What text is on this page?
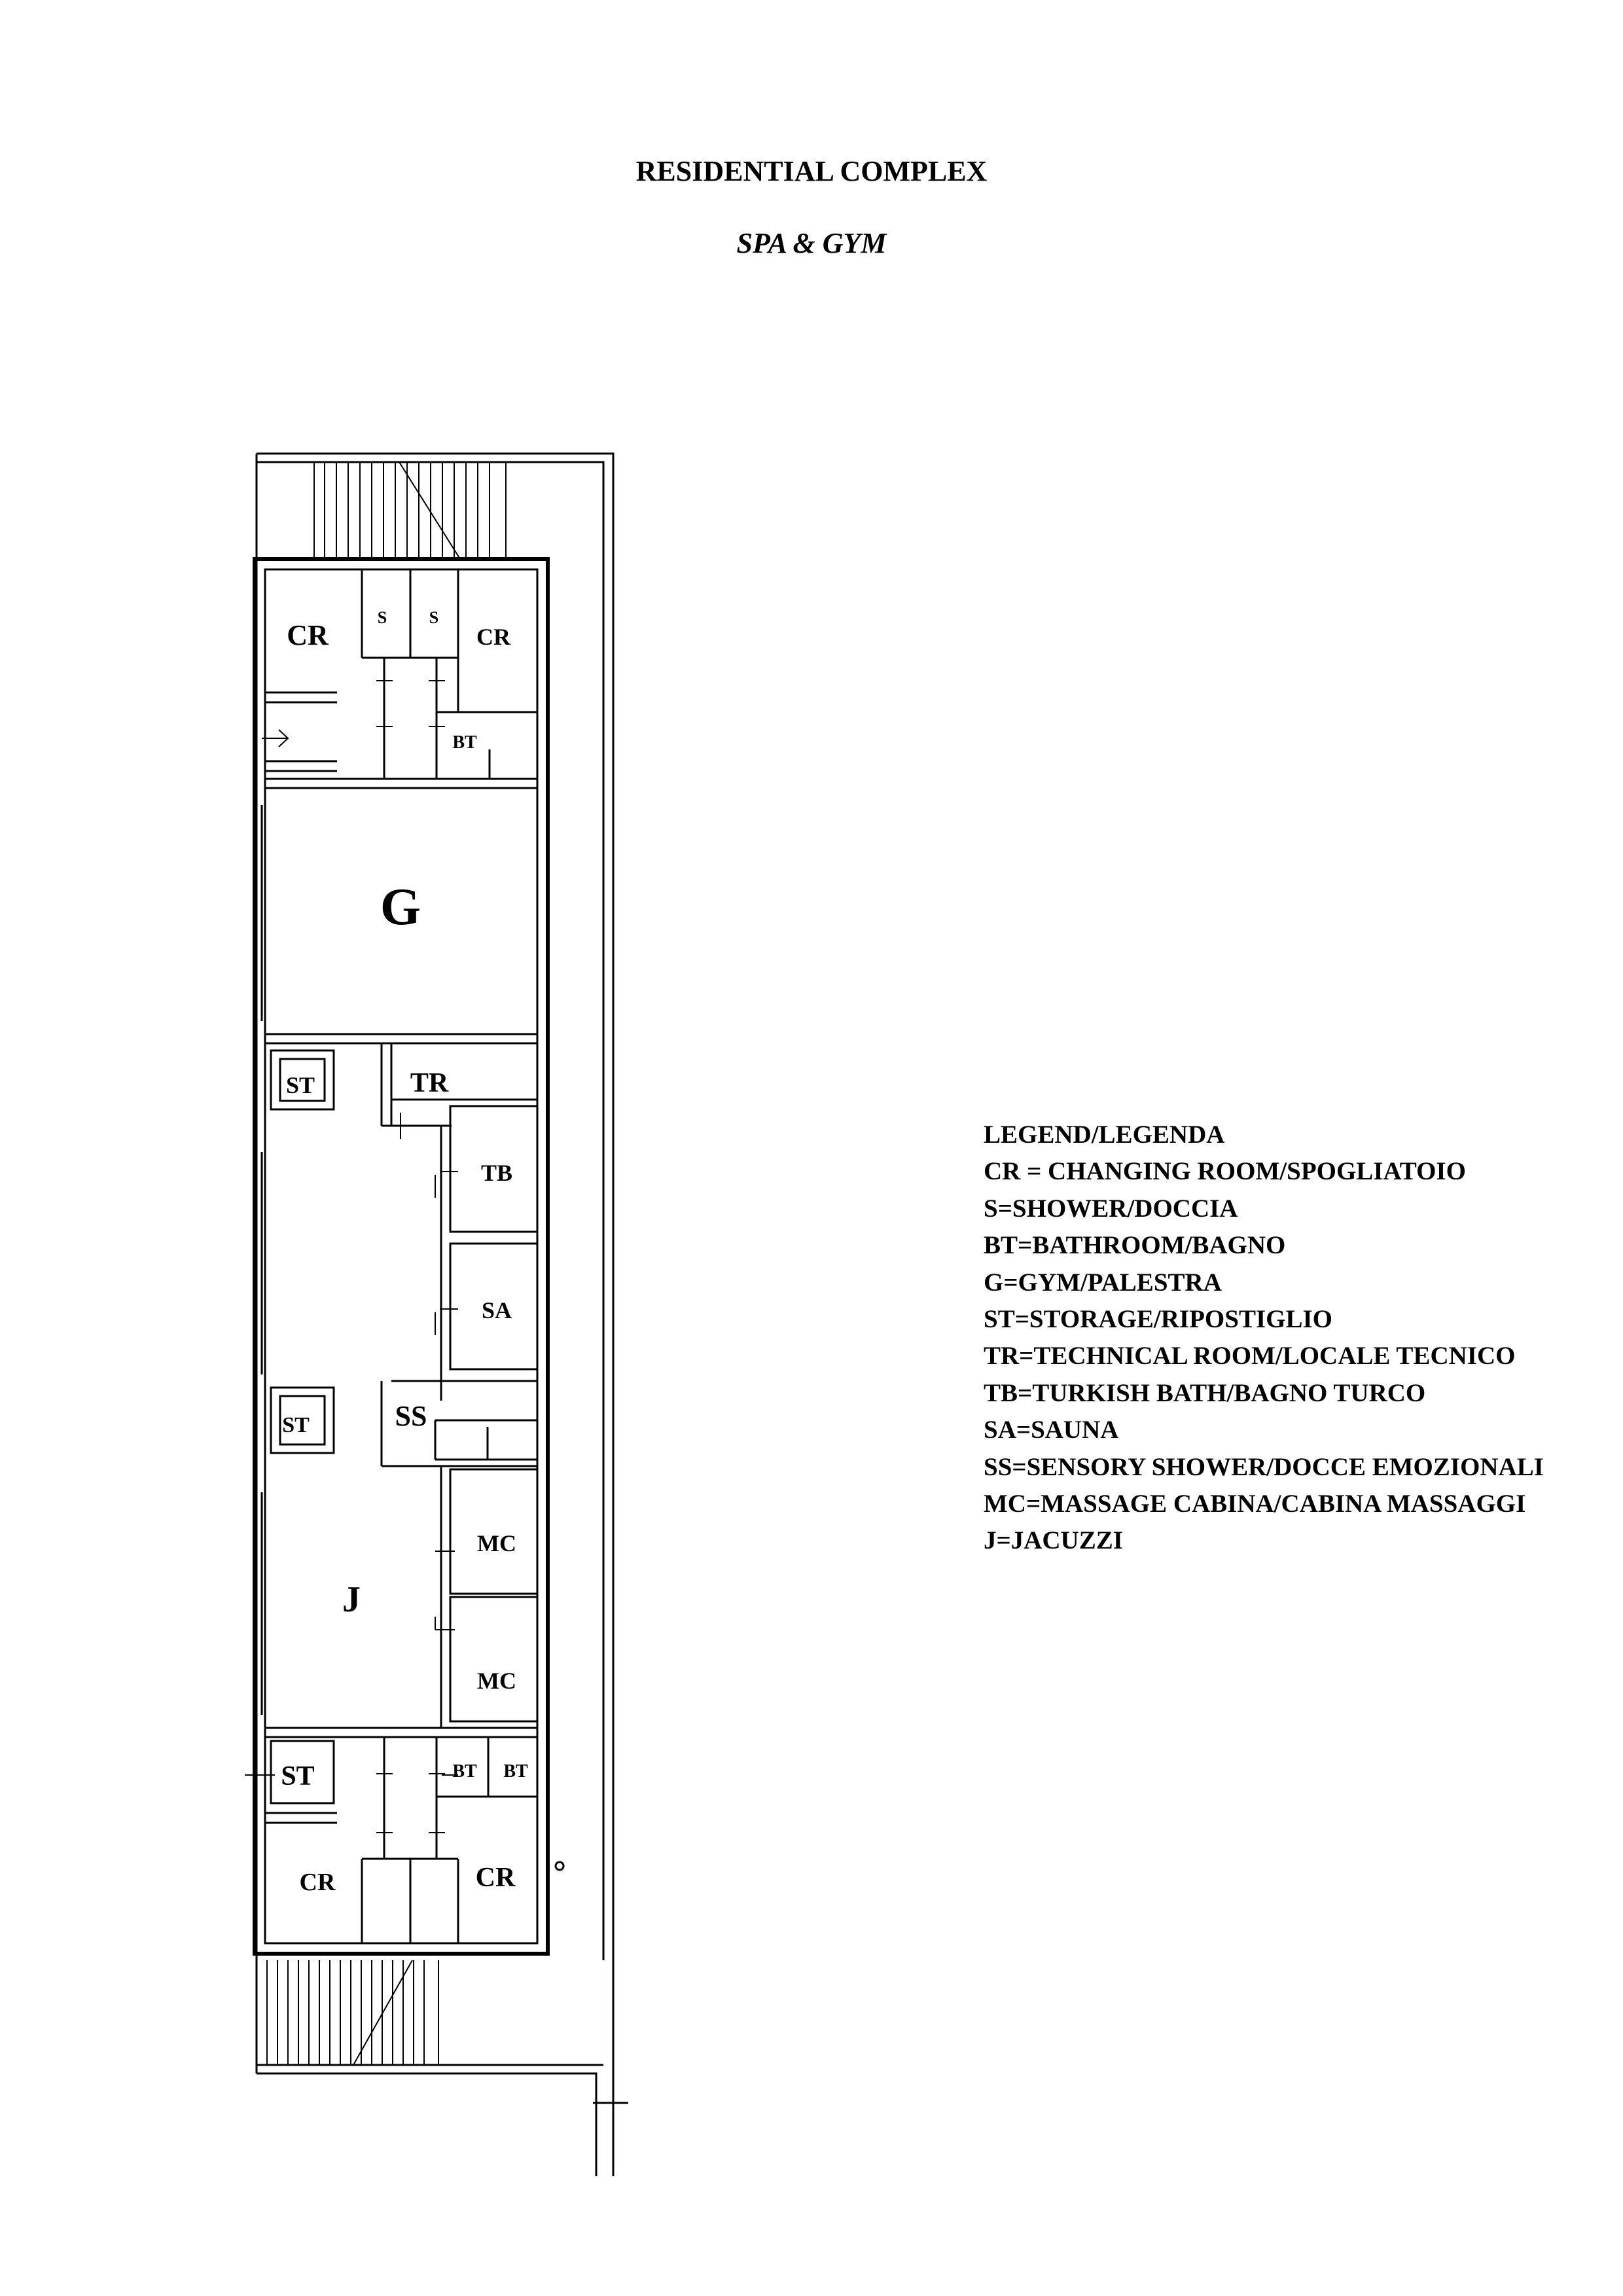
RESIDENTIAL COMPLEX
SPA & GYM
CR
S S
CR
BT
G
ST	TR
TB
SA
ST	SS
MC
J
MC
ST	BT BT
CR	CR
LEGEND/LEGENDA
CR = CHANGING ROOM/SPOGLIATOIO
S=SHOWER/DOCCIA
BT=BATHROOM/BAGNO
G=GYM/PALESTRA
ST=STORAGE/RIPOSTIGLIO
TR=TECHNICAL ROOM/LOCALE TECNICO
TB=TURKISH BATH/BAGNO TURCO
SA=SAUNA
SS=SENSORY SHOWER/DOCCE EMOZIONALI
MC=MASSAGE CABINA/CABINA MASSAGGI
J=JACUZZI
